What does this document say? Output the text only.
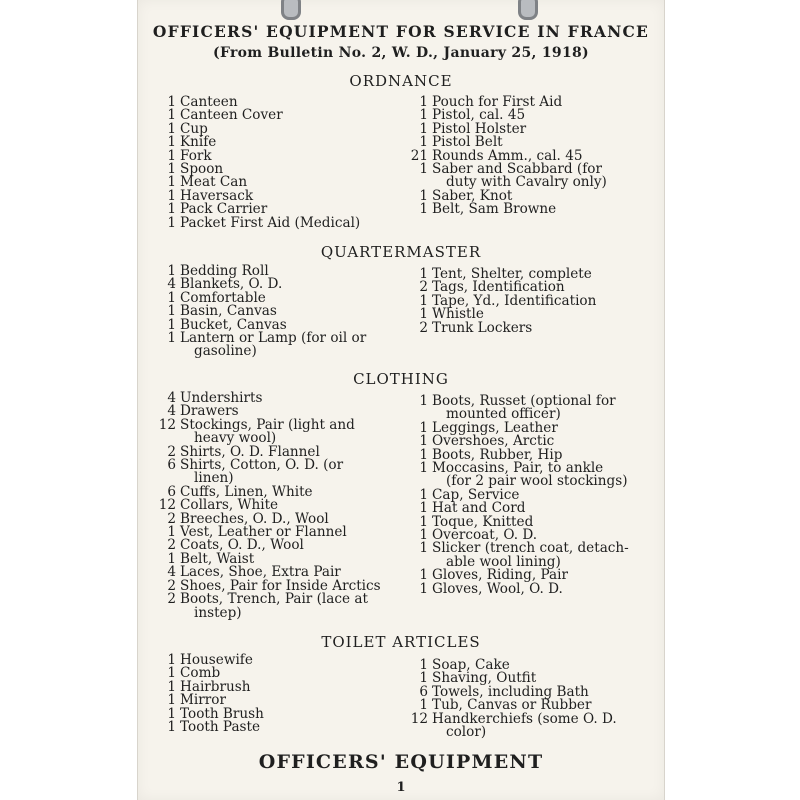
OFFICERS' EQUIPMENT FOR SERVICE IN FRANCE
(From Bulletin No. 2, W. D., January 25, 1918)
ORDNANCE
1 Canteen
1 Canteen Cover
1 Cup
1 Knife
1 Fork
1 Spoon
1 Meat Can
1 Haversack
1 Pack Carrier
1 Packet First Aid (Medical)
1 Pouch for First Aid
1 Pistol, cal. 45
1 Pistol Holster
1 Pistol Belt
21 Rounds Amm., cal. 45
1 Saber and Scabbard (for
duty with Cavalry only)
1 Saber, Knot
1 Belt, Sam Browne
QUARTERMASTER
1 Bedding Roll
4 Blankets, O. D.
1 Comfortable
1 Basin, Canvas
1 Bucket, Canvas
1 Lantern or Lamp (for oil or
gasoline)
1 Tent, Shelter, complete
2 Tags, Identification
1 Tape, Yd., Identification
1 Whistle
2 Trunk Lockers
CLOTHING
4 Undershirts
4 Drawers
12 Stockings, Pair (light and
heavy wool)
2 Shirts, O. D. Flannel
6 Shirts, Cotton, O. D. (or
linen)
6 Cuffs, Linen, White
12 Collars, White
2 Breeches, O. D., Wool
1 Vest, Leather or Flannel
2 Coats, O. D., Wool
1 Belt, Waist
4 Laces, Shoe, Extra Pair
2 Shoes, Pair for Inside Arctics
2 Boots, Trench, Pair (lace at
instep)
1 Boots, Russet (optional for
mounted officer)
1 Leggings, Leather
1 Overshoes, Arctic
1 Boots, Rubber, Hip
1 Moccasins, Pair, to ankle
(for 2 pair wool stockings)
1 Cap, Service
1 Hat and Cord
1 Toque, Knitted
1 Overcoat, O. D.
1 Slicker (trench coat, detach-
able wool lining)
1 Gloves, Riding, Pair
1 Gloves, Wool, O. D.
TOILET ARTICLES
1 Housewife
1 Comb
1 Hairbrush
1 Mirror
1 Tooth Brush
1 Tooth Paste
1 Soap, Cake
1 Shaving, Outfit
6 Towels, including Bath
1 Tub, Canvas or Rubber
12 Handkerchiefs (some O. D.
color)
OFFICERS' EQUIPMENT
1
